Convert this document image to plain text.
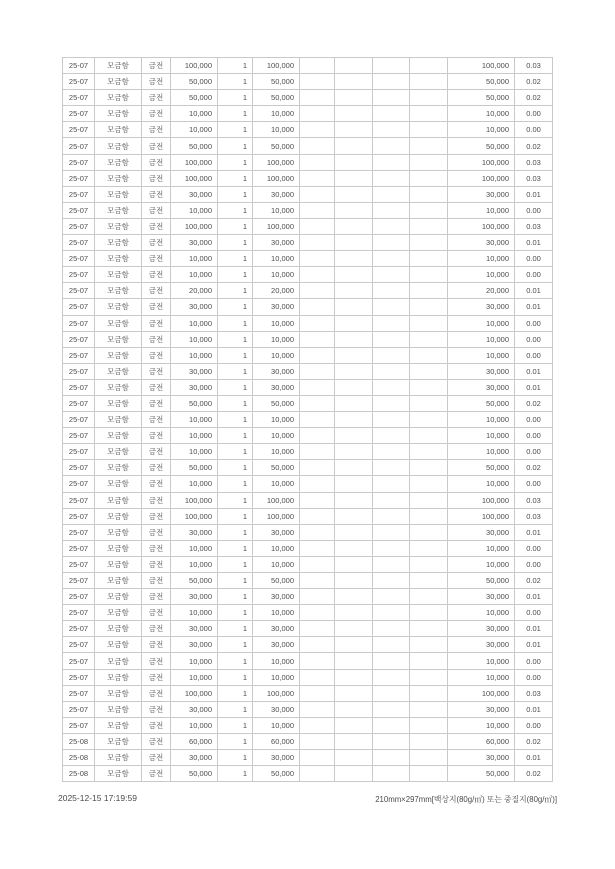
25-07	모금함	금전	100,000	1	100,000					100,000	0.03
25-07	모금함	금전	50,000	1	50,000					50,000	0.02
25-07	모금함	금전	50,000	1	50,000					50,000	0.02
25-07	모금함	금전	10,000	1	10,000					10,000	0.00
25-07	모금함	금전	10,000	1	10,000					10,000	0.00
25-07	모금함	금전	50,000	1	50,000					50,000	0.02
25-07	모금함	금전	100,000	1	100,000					100,000	0.03
25-07	모금함	금전	100,000	1	100,000					100,000	0.03
25-07	모금함	금전	30,000	1	30,000					30,000	0.01
25-07	모금함	금전	10,000	1	10,000					10,000	0.00
25-07	모금함	금전	100,000	1	100,000					100,000	0.03
25-07	모금함	금전	30,000	1	30,000					30,000	0.01
25-07	모금함	금전	10,000	1	10,000					10,000	0.00
25-07	모금함	금전	10,000	1	10,000					10,000	0.00
25-07	모금함	금전	20,000	1	20,000					20,000	0.01
25-07	모금함	금전	30,000	1	30,000					30,000	0.01
25-07	모금함	금전	10,000	1	10,000					10,000	0.00
25-07	모금함	금전	10,000	1	10,000					10,000	0.00
25-07	모금함	금전	10,000	1	10,000					10,000	0.00
25-07	모금함	금전	30,000	1	30,000					30,000	0.01
25-07	모금함	금전	30,000	1	30,000					30,000	0.01
25-07	모금함	금전	50,000	1	50,000					50,000	0.02
25-07	모금함	금전	10,000	1	10,000					10,000	0.00
25-07	모금함	금전	10,000	1	10,000					10,000	0.00
25-07	모금함	금전	10,000	1	10,000					10,000	0.00
25-07	모금함	금전	50,000	1	50,000					50,000	0.02
25-07	모금함	금전	10,000	1	10,000					10,000	0.00
25-07	모금함	금전	100,000	1	100,000					100,000	0.03
25-07	모금함	금전	100,000	1	100,000					100,000	0.03
25-07	모금함	금전	30,000	1	30,000					30,000	0.01
25-07	모금함	금전	10,000	1	10,000					10,000	0.00
25-07	모금함	금전	10,000	1	10,000					10,000	0.00
25-07	모금함	금전	50,000	1	50,000					50,000	0.02
25-07	모금함	금전	30,000	1	30,000					30,000	0.01
25-07	모금함	금전	10,000	1	10,000					10,000	0.00
25-07	모금함	금전	30,000	1	30,000					30,000	0.01
25-07	모금함	금전	30,000	1	30,000					30,000	0.01
25-07	모금함	금전	10,000	1	10,000					10,000	0.00
25-07	모금함	금전	10,000	1	10,000					10,000	0.00
25-07	모금함	금전	100,000	1	100,000					100,000	0.03
25-07	모금함	금전	30,000	1	30,000					30,000	0.01
25-07	모금함	금전	10,000	1	10,000					10,000	0.00
25-08	모금함	금전	60,000	1	60,000					60,000	0.02
25-08	모금함	금전	30,000	1	30,000					30,000	0.01
25-08	모금함	금전	50,000	1	50,000					50,000	0.02
2025-12-15 17:19:59	210mm×297mm[백상지(80g/㎡) 또는 중질지(80g/㎡)]
